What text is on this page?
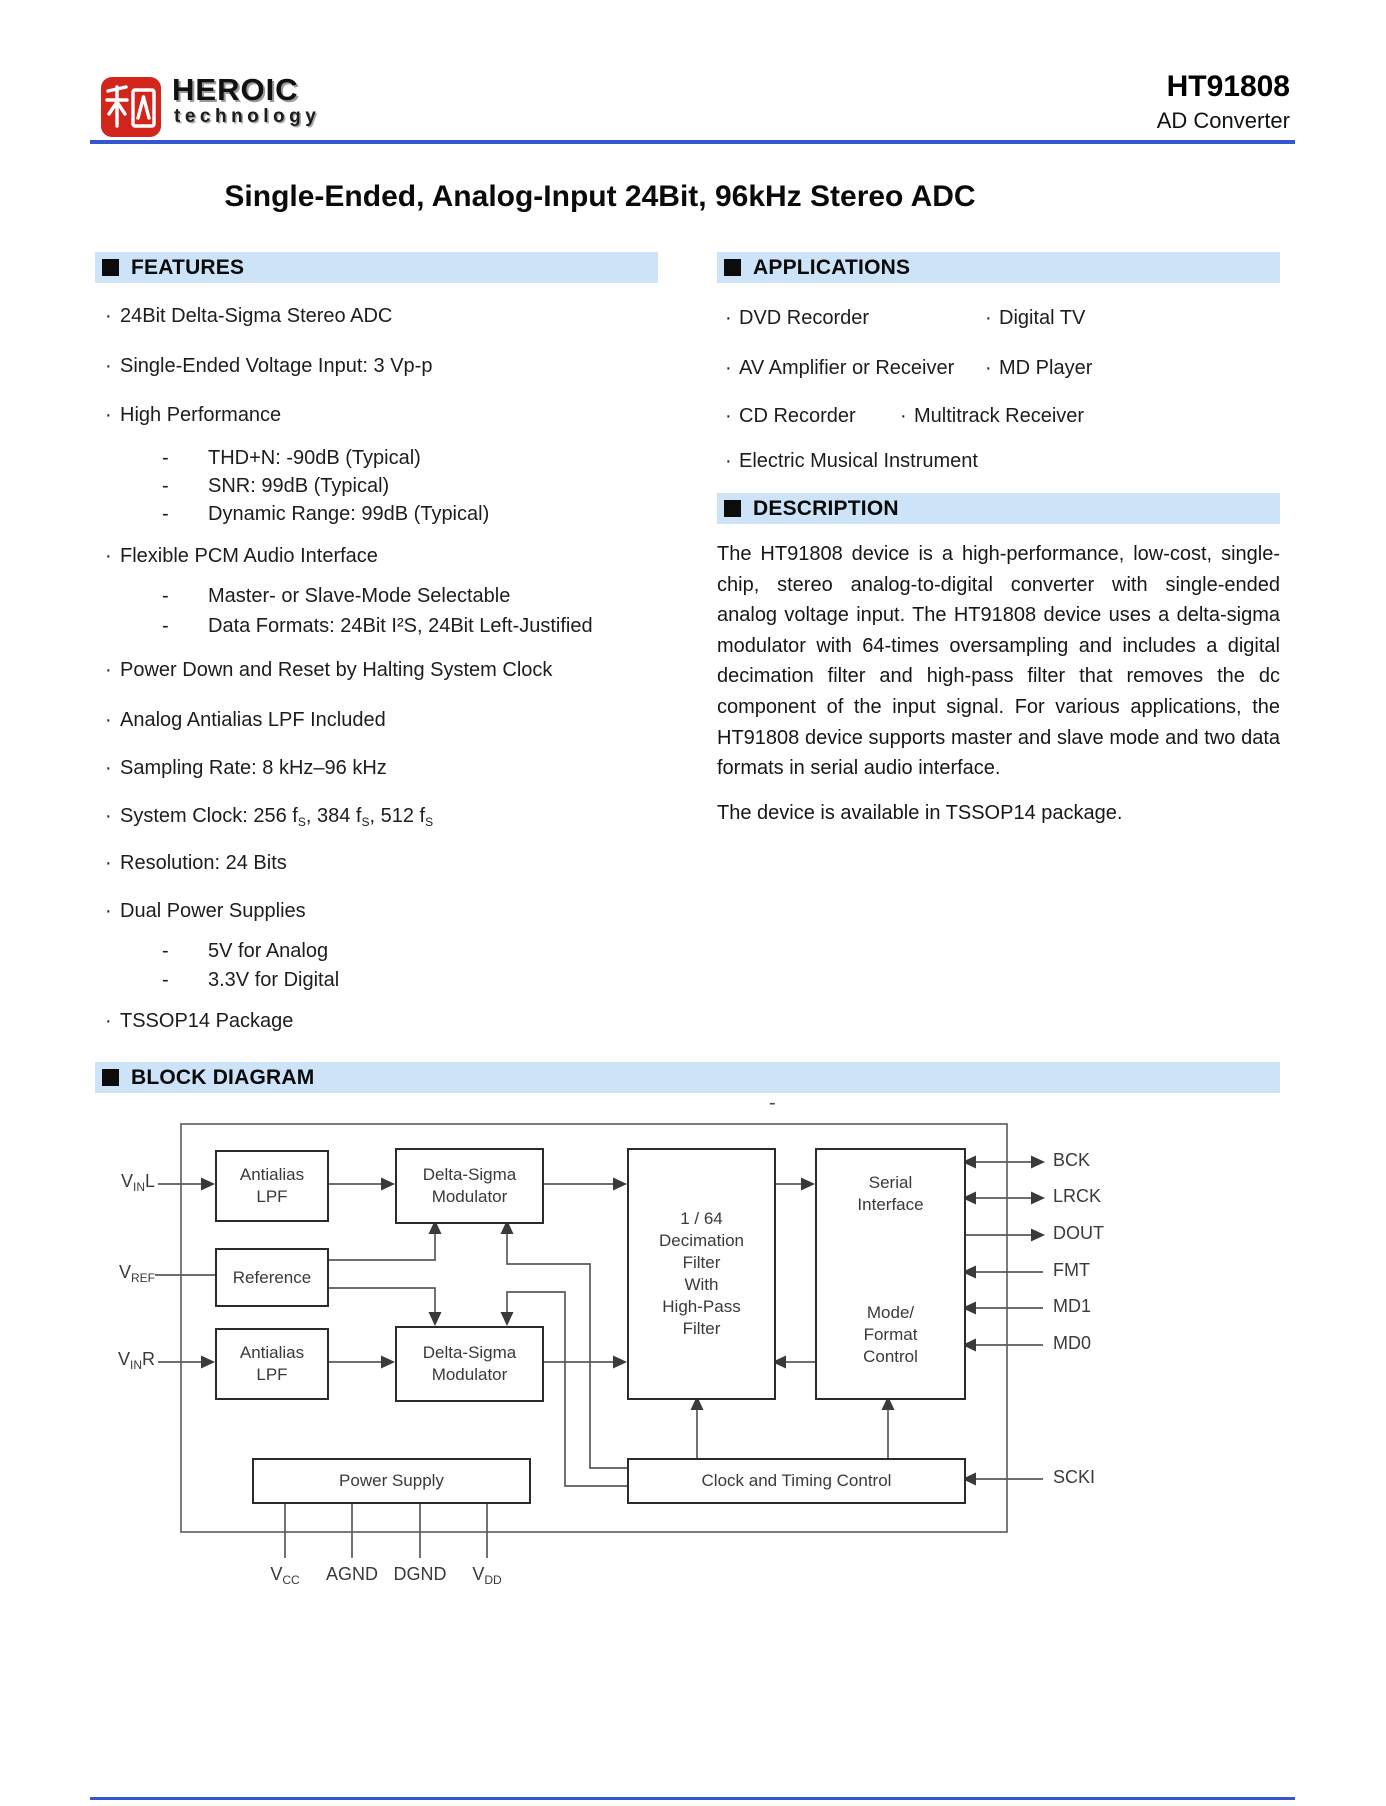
HEROIC
technology
HT91808
AD Converter
Single-Ended, Analog-Input 24Bit, 96kHz Stereo ADC
FEATURES
· 24Bit Delta-Sigma Stereo ADC
· Single-Ended Voltage Input: 3 Vp-p
· High Performance
- THD+N: -90dB (Typical)
- SNR: 99dB (Typical)
- Dynamic Range: 99dB (Typical)
· Flexible PCM Audio Interface
- Master- or Slave-Mode Selectable
- Data Formats: 24Bit I²S, 24Bit Left-Justified
· Power Down and Reset by Halting System Clock
· Analog Antialias LPF Included
· Sampling Rate: 8 kHz–96 kHz
· System Clock: 256 $f_S$, 384 $f_S$, 512 $f_S$
· Resolution: 24 Bits
· Dual Power Supplies
- 5V for Analog
- 3.3V for Digital
· TSSOP14 Package
APPLICATIONS
· DVD Recorder	· Digital TV
· AV Amplifier or Receiver · MD Player
· CD Recorder · Multitrack Receiver
· Electric Musical Instrument
DESCRIPTION

The HT91808 device is a high-performance, low-cost, single-chip, stereo analog-to-digital converter with single-ended analog voltage input. The HT91808 device uses a delta-sigma modulator with 64-times oversampling and includes a digital decimation filter and high-pass filter that removes the dc component of the input signal. For various applications, the HT91808 device supports master and slave mode and two data formats in serial audio interface.

The device is available in TSSOP14 package.

BLOCK DIAGRAM
-
Antialias
LPF
Delta-Sigma
Modulator
Reference
Antialias
LPF
Delta-Sigma
Modulator
1 / 64
Decimation
Filter
With
High-Pass
Filter
Serial
Interface
Mode/
Format
Control
Power Supply	Clock and Timing Control
$V_{IN}L$
$V_{REF}$
$V_{IN}R$
BCK
LRCK
DOUT
FMT
MD1
MD0
SCKI
$V_{CC}$	AGND DGND	$V_{DD}$
